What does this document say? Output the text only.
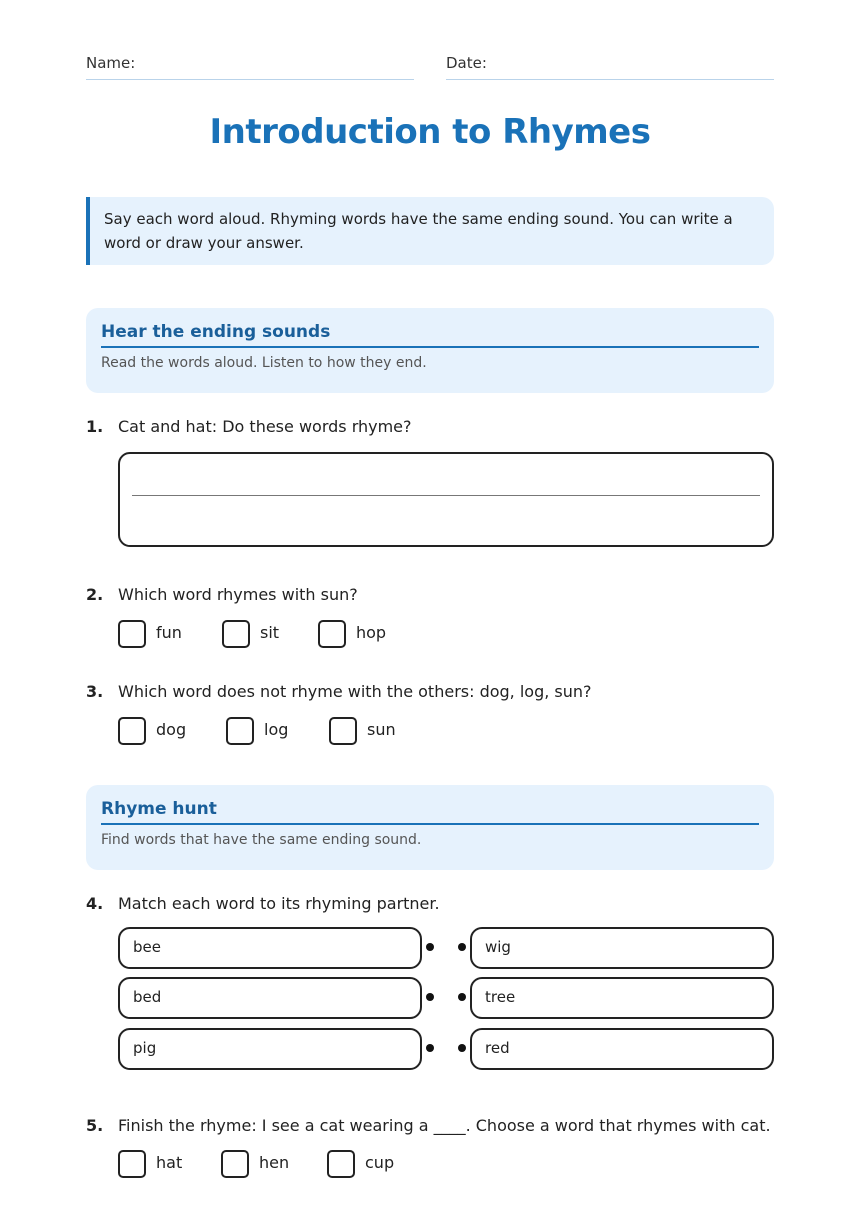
Name:	Date:
Introduction to Rhymes
Say each word aloud. Rhyming words have the same ending sound. You can write a word or draw your answer.
Hear the ending sounds
Read the words aloud. Listen to how they end.
1. Cat and hat: Do these words rhyme?
2. Which word rhymes with sun?
fun	sit	hop
3. Which word does not rhyme with the others: dog, log, sun?
dog	log	sun
Rhyme hunt
Find words that have the same ending sound.
4. Match each word to its rhyming partner.
bee	wig
bed	tree
pig	red
5. Finish the rhyme: I see a cat wearing a ____. Choose a word that rhymes with cat.
hat	hen	cup
